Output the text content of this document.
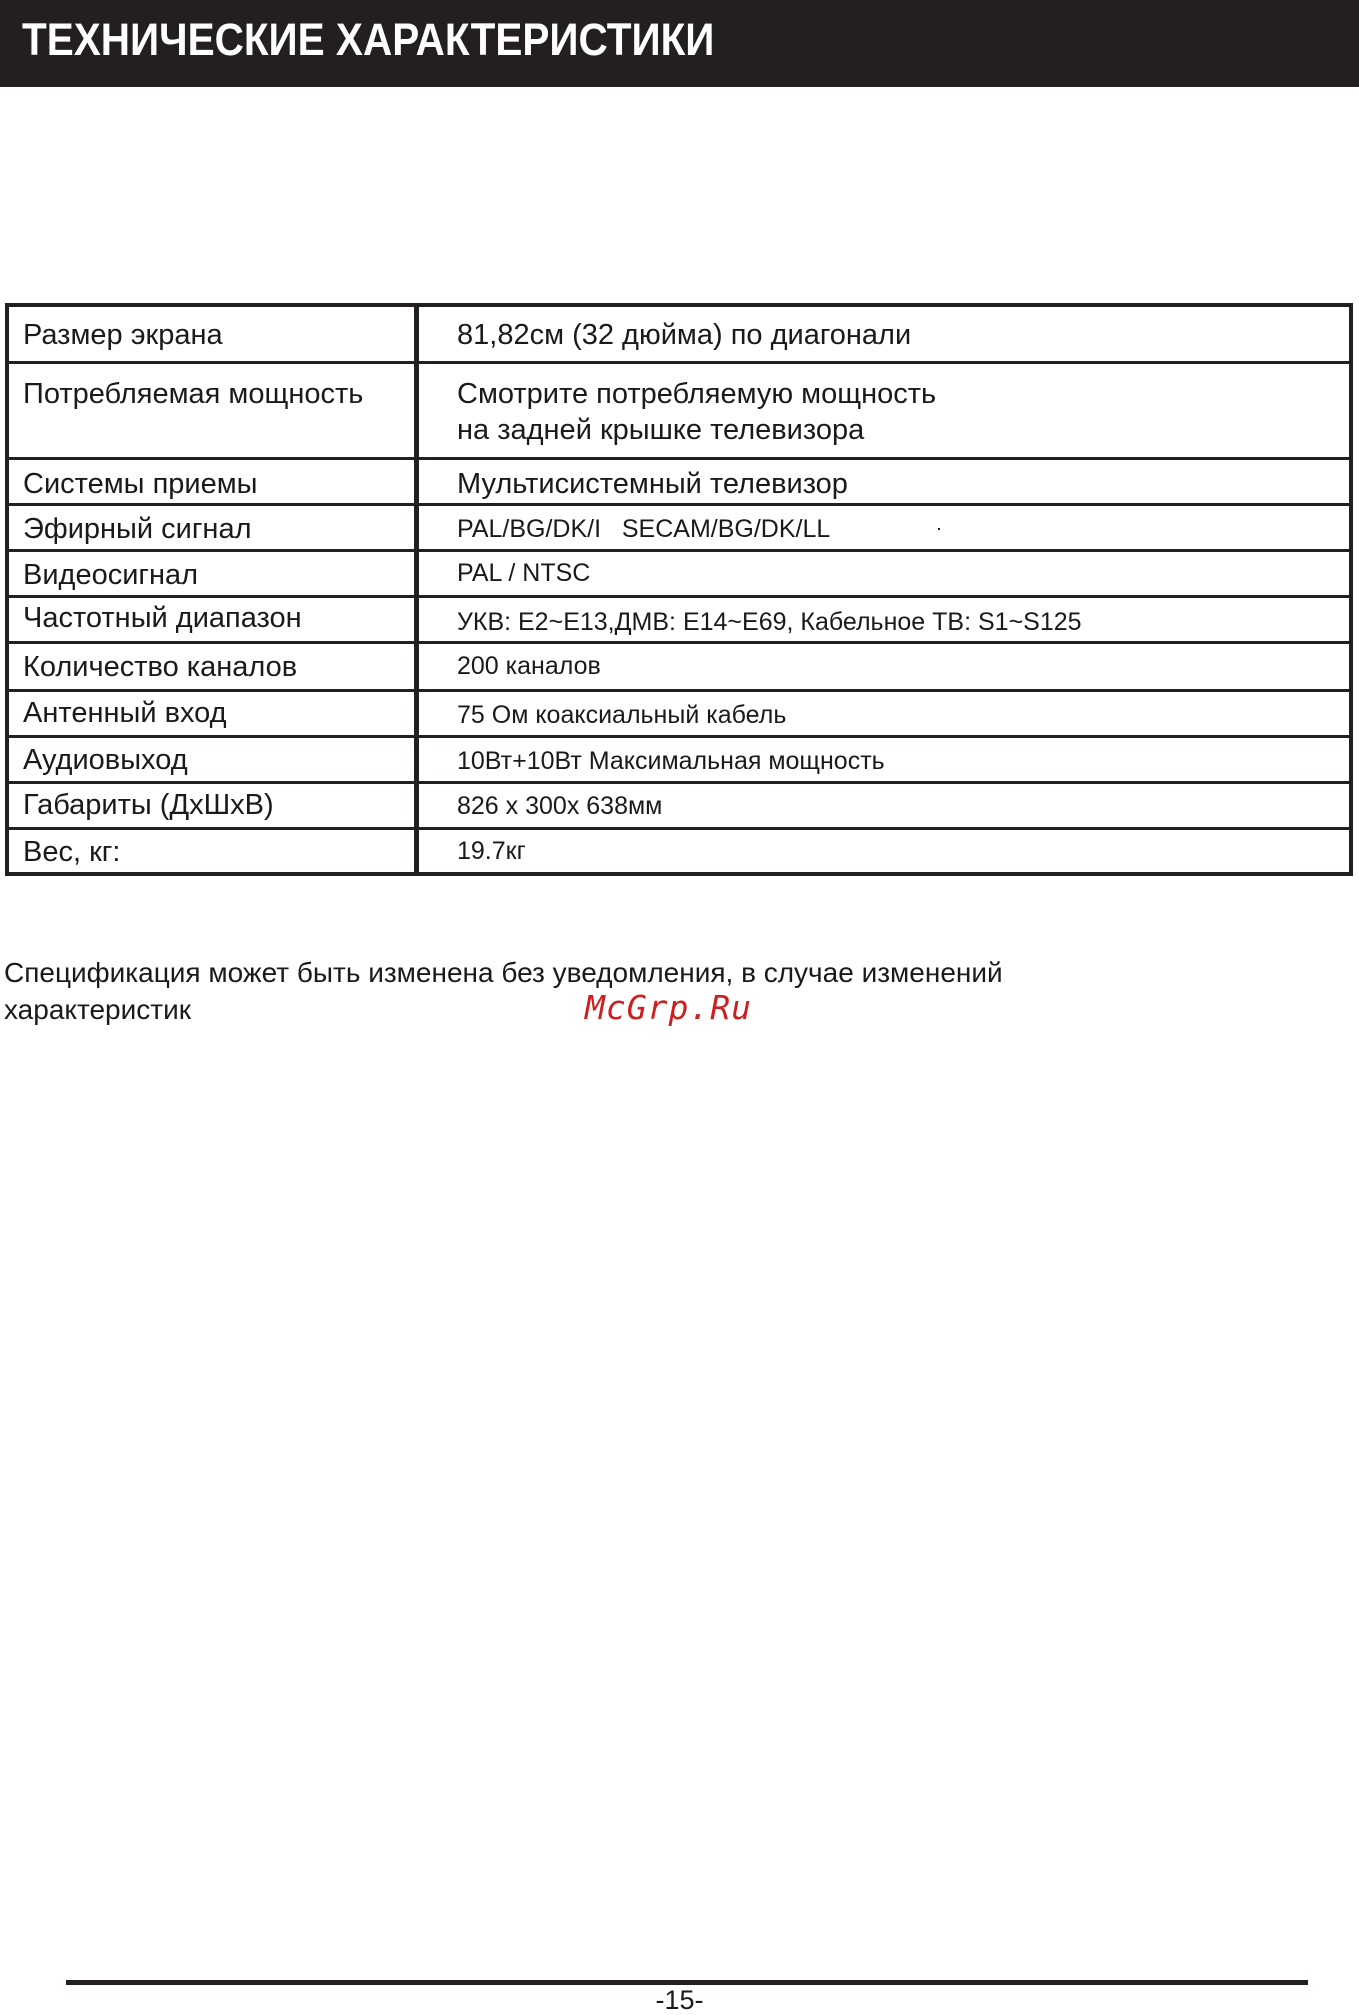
ТЕХНИЧЕСКИЕ ХАРАКТЕРИСТИКИ
Размер экрана	81,82см (32 дюйма) по диагонали

Потребляемая мощность	Смотрите потребляемую мощность
на задней крышке телевизора

Системы приемы	Мультисистемный телевизор

Эфирный сигнал	PAL/BG/DK/I   SECAM/BG/DK/LL

Видеосигнал	PAL / NTSC

Частотный диапазон	УКВ: E2~E13,ДМВ: E14~E69, Кабельное ТВ: S1~S125

Количество каналов	200 каналов

Антенный вход	75 Ом коаксиальный кабель

Аудиовыход	10Вт+10Вт Максимальная мощность

Габариты (ДхШхВ)	826 x 300x 638мм

Вес, кг:	19.7кг
Спецификация может быть изменена без уведомления, в случае изменений
характеристик	McGrp.Ru
-15-
